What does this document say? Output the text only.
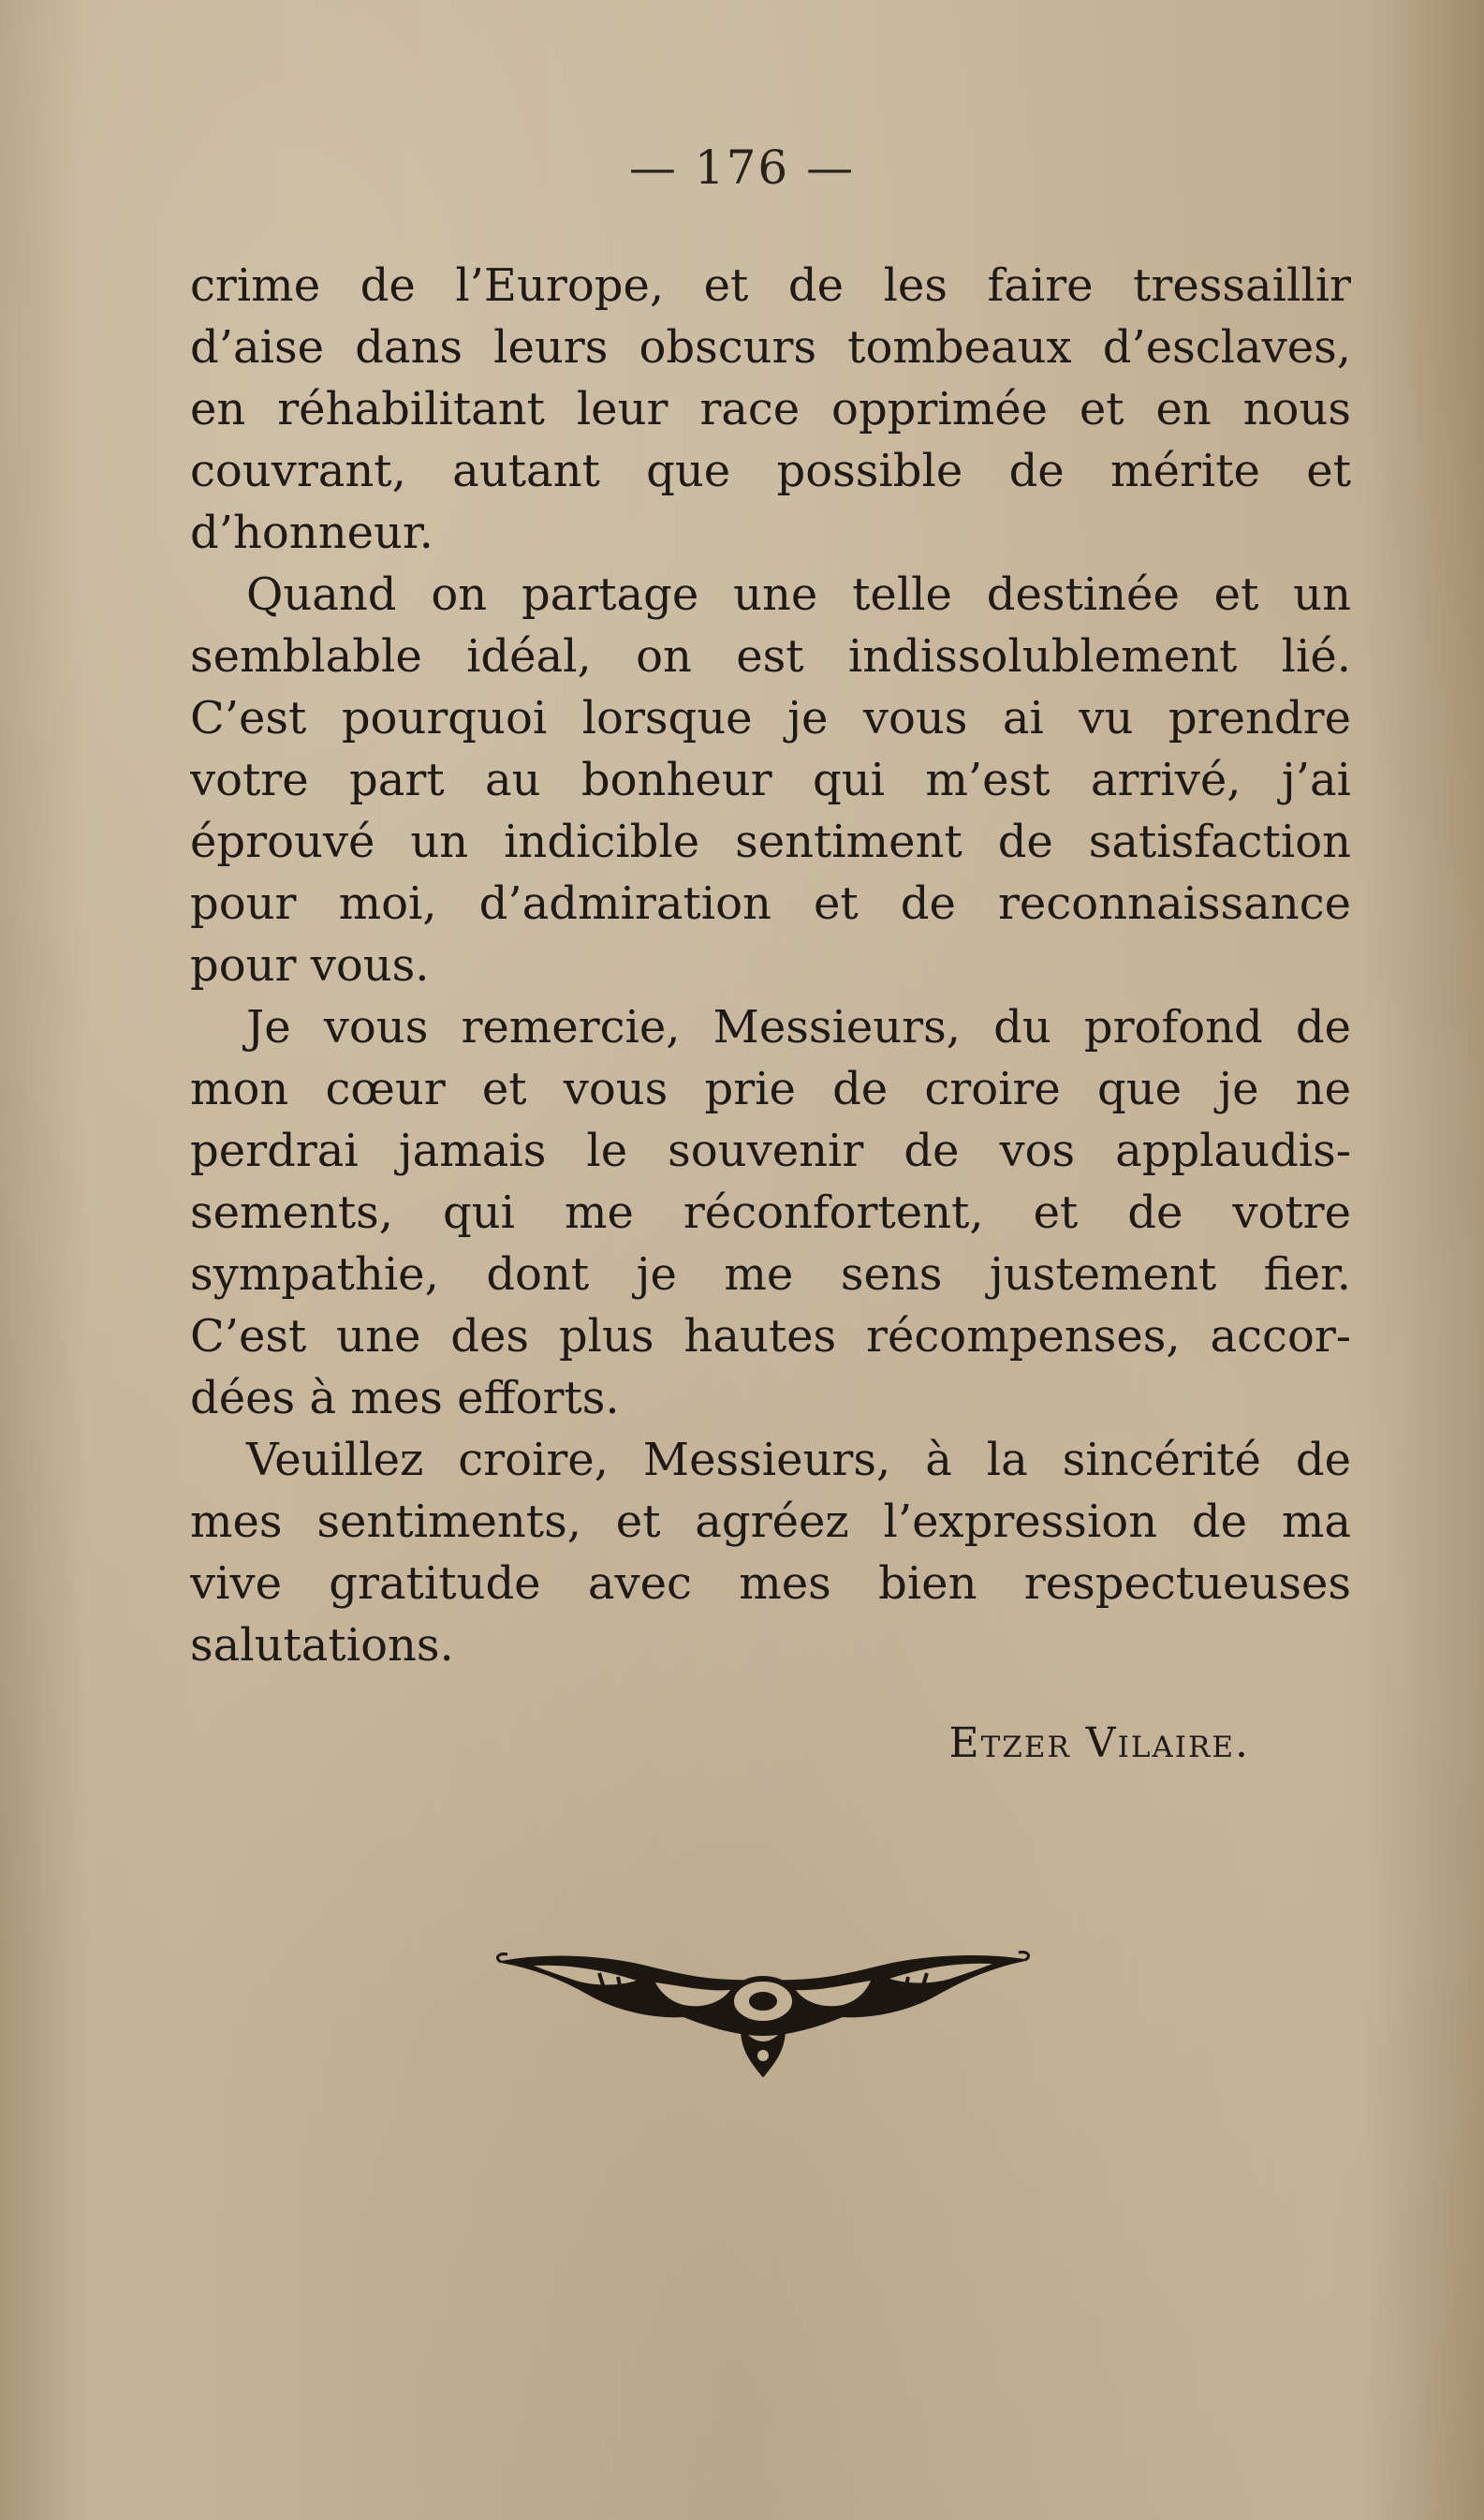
— 176 —
crime de l’Europe, et de les faire tressaillir
d’aise dans leurs obscurs tombeaux d’esclaves,
en réhabilitant leur race opprimée et en nous
couvrant, autant que possible de mérite et
d’honneur.
Quand on partage une telle destinée et un
semblable idéal, on est indissolublement lié.
C’est pourquoi lorsque je vous ai vu prendre
votre part au bonheur qui m’est arrivé, j’ai
éprouvé un indicible sentiment de satisfaction
pour moi, d’admiration et de reconnaissance
pour vous.
Je vous remercie, Messieurs, du profond de
mon cœur et vous prie de croire que je ne
perdrai jamais le souvenir de vos applaudis-
sements, qui me réconfortent, et de votre
sympathie, dont je me sens justement fier.
C’est une des plus hautes récompenses, accor-
dées à mes efforts.
Veuillez croire, Messieurs, à la sincérité de
mes sentiments, et agréez l’expression de ma
vive gratitude avec mes bien respectueuses
salutations.
Etzer Vilaire.
